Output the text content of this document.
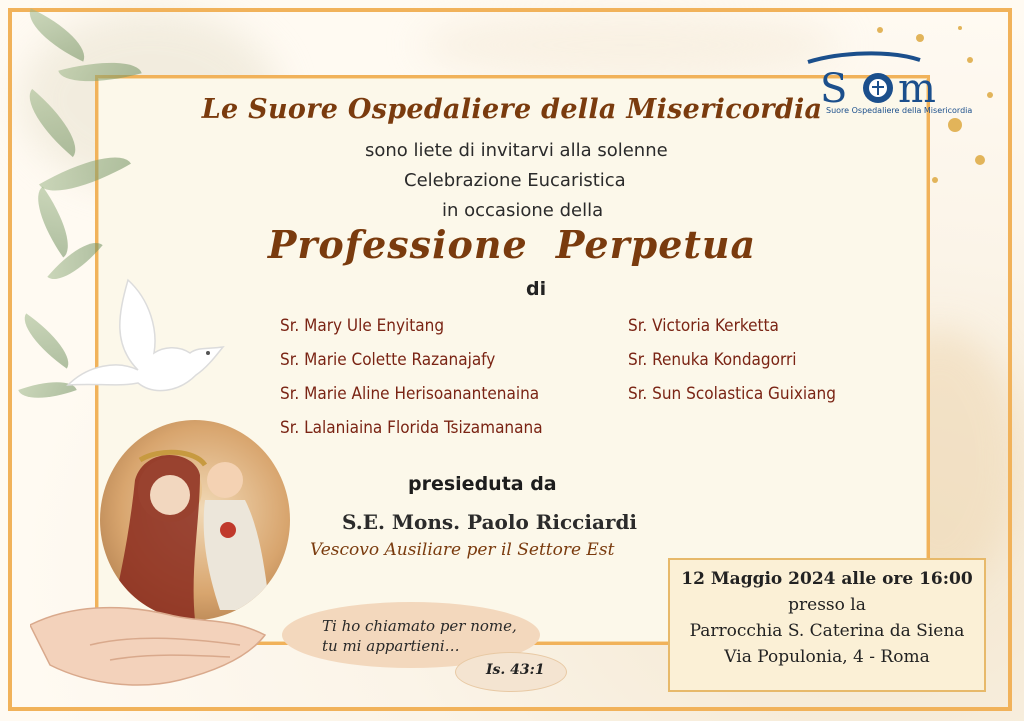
S m
Suore Ospedaliere della Misericordia
Le Suore Ospedaliere della Misericordia
sono liete di invitarvi alla solenne
Celebrazione Eucaristica
in occasione della
Professione Perpetua
di
Sr. Mary Ule Enyitang
Sr. Marie Colette Razanajafy
Sr. Marie Aline Herisoanantenaina
Sr. Lalaniaina Florida Tsizamanana
Sr. Victoria Kerketta
Sr. Renuka Kondagorri
Sr. Sun Scolastica Guixiang
presieduta da
S.E. Mons. Paolo Ricciardi
Vescovo Ausiliare per il Settore Est
Ti ho chiamato per nome,
tu mi appartieni…
Is. 43:1
12 Maggio 2024 alle ore 16:00
presso la
Parrocchia S. Caterina da Siena
Via Populonia, 4 - Roma
